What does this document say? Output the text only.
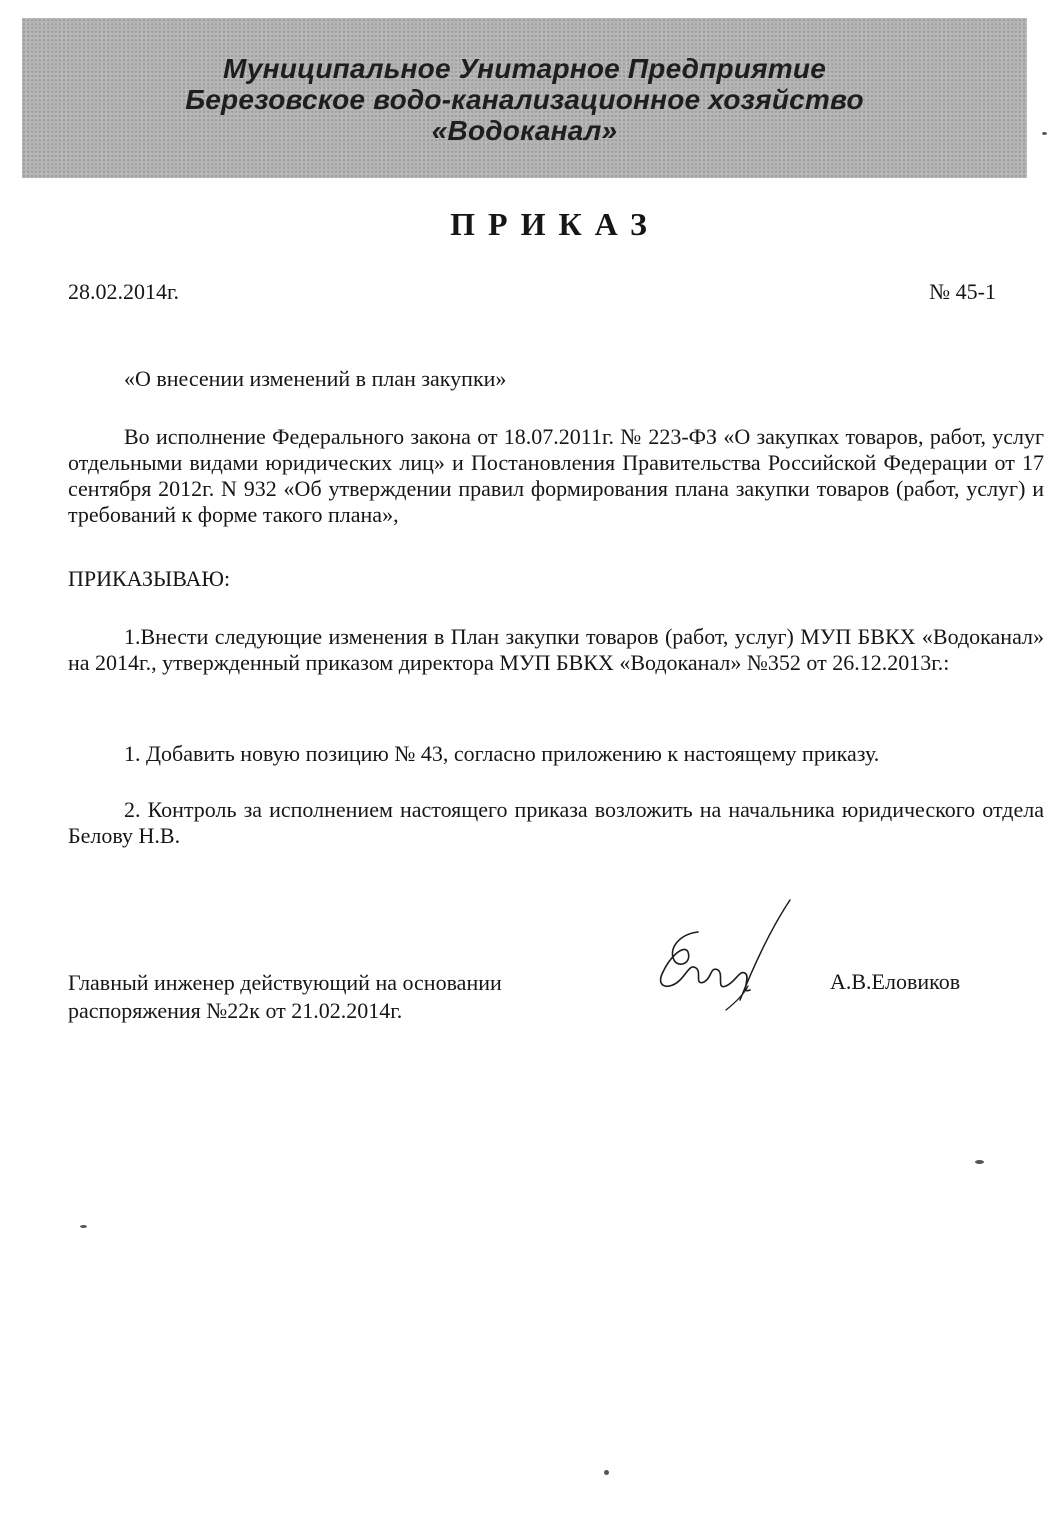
Муниципальное Унитарное Предприятие
Березовское водо-канализационное хозяйство
«Водоканал»
ПРИКАЗ
28.02.2014г.	№ 45-1
«О внесении изменений в план закупки»
Во исполнение Федерального закона от 18.07.2011г. № 223-ФЗ «О закупках товаров, работ, услуг отдельными видами юридических лиц» и Постановления Правительства Российской Федерации от 17 сентября 2012г. N 932 «Об утверждении правил формирования плана закупки товаров (работ, услуг) и требований к форме такого плана»,
ПРИКАЗЫВАЮ:
1.Внести следующие изменения в План закупки товаров (работ, услуг) МУП БВКХ «Водоканал» на 2014г., утвержденный приказом директора МУП БВКХ «Водоканал» №352 от 26.12.2013г.:
1. Добавить новую позицию № 43, согласно приложению к настоящему приказу.
2. Контроль за исполнением настоящего приказа возложить на начальника юридического отдела Белову Н.В.
Главный инженер действующий на основании
распоряжения №22к от 21.02.2014г.
А.В.Еловиков
